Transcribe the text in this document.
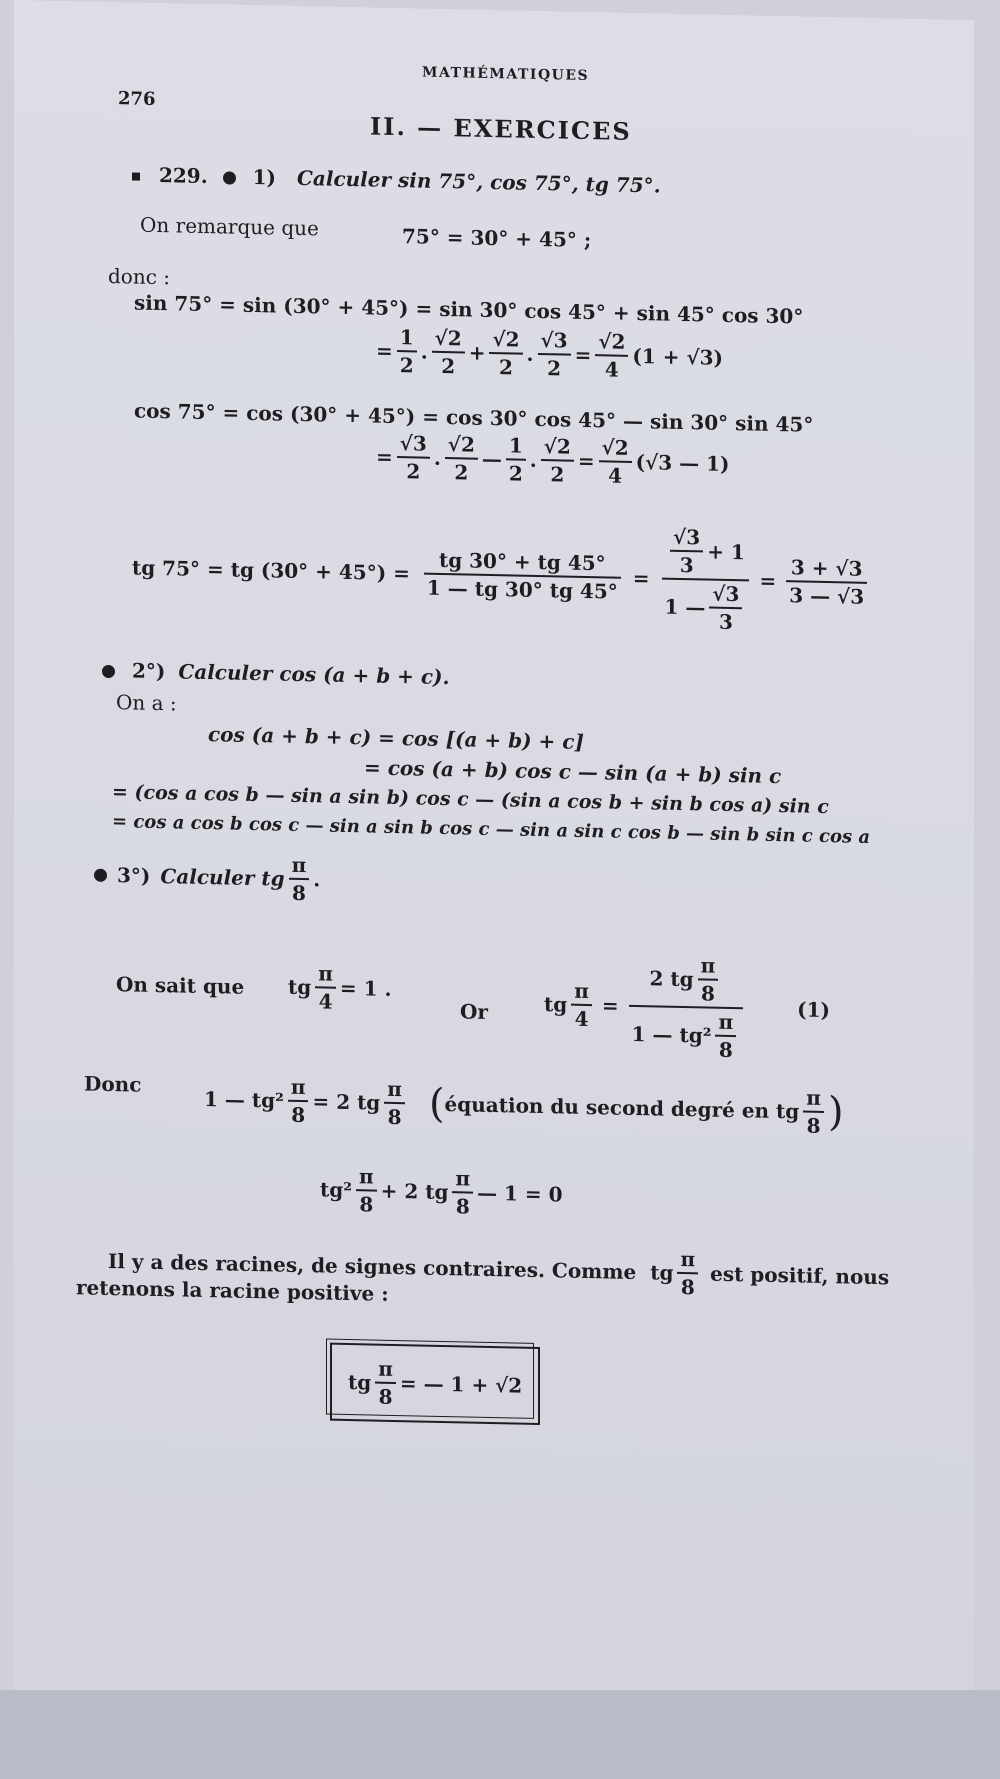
276
MATHÉMATIQUES
II. — EXERCICES
229. 1) Calculer sin 75°, cos 75°, tg 75°.
On remarque que	75° = 30° + 45° ;
donc :
sin 75° = sin (30° + 45°) = sin 30° cos 45° + sin 45° cos 30°
= $\frac{1}{2}$ . $\frac{√2}{2} + \frac{√2}{2}$ . $\frac{√3}{2} = \frac{√2}{4} (1 + √3)$
cos 75° = cos (30° + 45°) = cos 30° cos 45° — sin 30° sin 45°
= $\frac{√3}{2}$ . $\frac{√2}{2}$ — $\frac{1}{2}$ . $\frac{√2}{2} = \frac{√2}{4} (√3$ — 1)
tg 75° = tg (30° + 45°) = tg 30° + tg 45°
1 — tg 30° tg $45^\circ = \frac{\frac{√3}{3} + 1}{1 — \frac{√3}{3}} = \frac{3 + √3}{3 — √3}$
2°) Calculer cos (a + b + c).
On a :
cos (a + b + c) = cos [(a + b) + c]
= cos (a + b) cos c — sin (a + b) sin c
= (cos a cos b — sin a sin b) cos c — (sin a cos b + sin b cos a) sin c
= cos a cos b cos c — sin a sin b cos c — sin a sin c cos b — sin b sin c cos a
3°) Calculer tg $\frac{\pi}{8}$ .
On sait que tg $\frac{\pi}{4} = 1$ .
Or	tg $\frac{\pi}{4}$ =
2 tg $\frac{\pi}{8}$
1 — $tg^2 \frac{\pi}{8}$
(1)
Donc
1 — $tg^2 \frac{\pi}{8} = 2$ tg $\frac{\pi}{8}$ ( équation du second degré en tg $\frac{\pi}{8}$ )
$tg^2 \frac{\pi}{8} + 2$ tg $\frac{\pi}{8}$ — 1 = 0
Il y a des racines, de signes contraires. Comme tg $\frac{\pi}{8}$ est positif, nous
retenons la racine positive :
tg $\frac{\pi}{8}$ = — 1 + √2
